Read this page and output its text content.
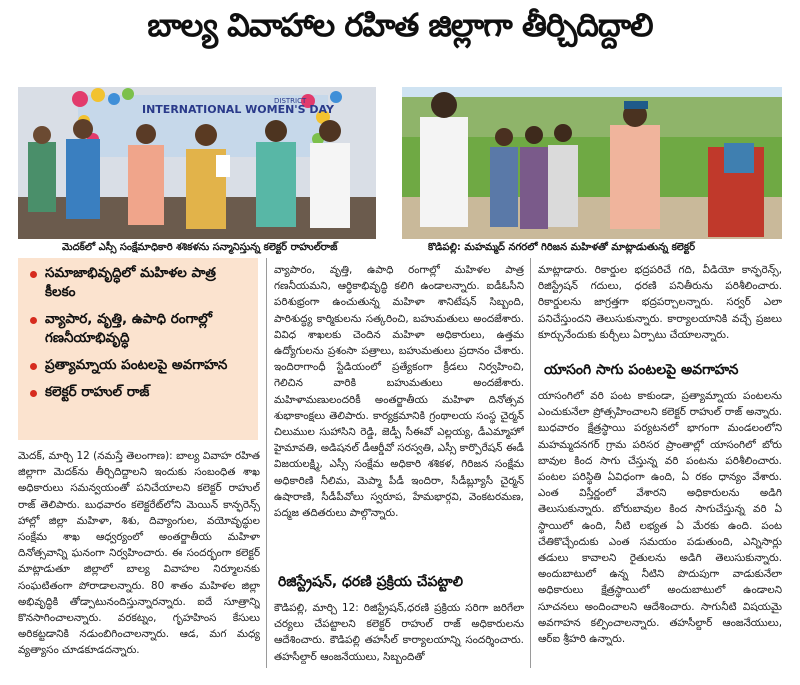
బాల్య వివాహాల రహిత జిల్లాగా తీర్చిదిద్దాలి
INTERNATIONAL WOMEN'S DAY
DISTRICT
మెదక్‌లో ఎస్సీ సంక్షేమాధికారి శశికళను సన్మానిస్తున్న కలెక్టర్ రాహుల్‌రాజ్	కొడిపల్లి: మహమ్మద్ నగరలో గిరిజన మహిళతో మాట్లాడుతున్న కలెక్టర్
సమాజాభివృద్ధిలో మహిళల పాత్ర కీలకం
వ్యాపార, వృత్తి, ఉపాధి రంగాల్లో గణనీయాభివృద్ధి
ప్రత్యామ్నాయ పంటలపై అవగాహన
కలెక్టర్ రాహుల్ రాజ్

మెదక్, మార్చి 12 (నమస్తే తెలంగాణ): బాల్య వివాహ రహిత జిల్లాగా మెదక్‌ను తీర్చిదిద్దాలని ఇందుకు సంబంధిత శాఖ అధికారులు సమన్వయంతో పనిచేయాలని కలెక్టర్ రాహుల్ రాజ్ తెలిపారు. బుధవారం కలెక్టరేట్‌లోని మెయిన్ కాన్ఫరెన్స్ హాల్లో జిల్లా మహిళా, శిశు, దివ్యాంగుల, వయోవృద్ధుల సంక్షేమ శాఖ ఆధ్వర్యంలో అంతర్జాతీయ మహిళా దినోత్సవాన్ని ఘనంగా నిర్వహించారు. ఈ సందర్భంగా కలెక్టర్ మాట్లాడుతూ జిల్లాలో బాల్య వివాహల నిర్మూలనకు సంఘటితంగా పోరాడాలన్నారు. 80 శాతం మహిళల జిల్లా అభివృద్ధికి తోడ్పాటునందిస్తున్నారన్నారు. ఐదే సూత్రాన్ని కొనసాగించాలన్నారు. వరకట్నం, గృహహింస కేసులు అరికట్టడానికి నడుంబిగించాలన్నారు. ఆడ, మగ మధ్య వ్యత్యాసం చూడకూడదన్నారు.

వ్యాపారం, వృత్తి, ఉపాధి రంగాల్లో మహిళల పాత్ర గణనీయమని, ఆర్థికాభివృద్ధి కలిగి ఉండాలన్నారు. ఐడీఓసీని పరిశుభ్రంగా ఉంచుతున్న మహిళా శానిటేషన్ సిబ్బంది, పారిశుద్ధ్య కార్మికులను సత్కరించి, బహుమతులు అందజేశారు. వివిధ శాఖలకు చెందిన మహిళా అధికారులు, ఉత్తమ ఉద్యోగులను ప్రశంసా పత్రాలు, బహుమతులు ప్రదానం చేశారు. ఇందిరాగాంధీ స్టేడియంలో ప్రత్యేకంగా క్రీడలు నిర్వహించి, గెలిచిన వారికి బహుమతులు అందజేశారు. మహిళామణులందరికీ అంతర్జాతీయ మహిళా దినోత్సవ శుభాకాంక్షలు తెలిపారు. కార్యక్రమానికి గ్రంథాలయ సంస్థ చైర్మన్ చిలుముల సుహాసిని రెడ్డి, జెడ్పీ సీఈవో ఎల్లయ్య, డీఎమ్మాహో హైమావతి, అడిషనల్ డీఆర్డీవో సరస్వతి, ఎస్సీ కార్పొరేషన్ ఈడీ విజయలక్ష్మి, ఎస్సీ సంక్షేమ అధికారి శశికళ, గిరిజన సంక్షేమ అధికారిణి నీలిమ, మెప్మా పీడీ ఇందిరా, సీడీబ్ల్యూసీ చైర్మన్ ఉషారాణి, సీడీపీవోలు స్వరూప, హేమభార్గవి, వెంకటరమణ, పద్మజ తదితరులు పాల్గొన్నారు.

రిజిస్ట్రేషన్, ధరణి ప్రక్రియ చేపట్టాలి

కౌడిపల్లి, మార్చి 12: రిజిస్ట్రేషన్,ధరణి ప్రక్రియ సరిగా జరిగేలా చర్యలు చేపట్టాలని కలెక్టర్ రాహుల్ రాజ్ అధికారులను ఆదేశించారు. కౌడిపల్లి తహసీల్ కార్యాలయాన్ని సందర్శించారు. తహసీల్దార్ ఆంజనేయులు, సిబ్బందితో

మాట్లాడారు. రికార్డుల భద్రపరిచే గది, వీడియో కాన్ఫరెన్స్, రిజిస్ట్రేషన్ గదులు, ధరణి పనితీరును పరిశీలించారు. రికార్డులను జాగ్రత్తగా భద్రపర్చాలన్నారు. సర్వర్ ఎలా పనిచేస్తుందని తెలుసుకున్నారు. కార్యాలయానికి వచ్చే ప్రజలు కూర్చునేందుకు కుర్చీలు ఏర్పాటు చేయాలన్నారు.

యాసంగి సాగు పంటలపై అవగాహన

యాసంగిలో వరి పంట కాకుండా, ప్రత్యామ్నాయ పంటలను ఎంచుకునేలా ప్రోత్సహించాలని కలెక్టర్ రాహుల్ రాజ్ అన్నారు. బుధవారం క్షేత్రస్థాయి పర్యటనలో భాగంగా మండలంలోని మహమ్మదనగర్ గ్రామ పరిసర ప్రాంతాల్లో యాసంగిలో బోరు బావుల కింద సాగు చేస్తున్న వరి పంటను పరిశీలించారు. పంటల పరిస్థితి ఏవిధంగా ఉంది, ఏ రకం ధాన్యం వేశారు. ఎంత విస్తీర్ణంలో వేశారని అధికారులను అడిగి తెలుసుకున్నారు. బోరుబావుల కింద సాగుచేస్తున్న వరి ఏ స్థాయిలో ఉంది, నీటి లభ్యత ఏ మేరకు ఉంది. పంట చేతికొచ్చేందుకు ఎంత సమయం పడుతుంది, ఎన్నిసార్లు తడులు కావాలని రైతులను అడిగి తెలుసుకున్నారు. అందుబాటులో ఉన్న నీటిని పొదుపుగా వాడుకునేలా అధికారులు క్షేత్రస్థాయిలో అందుబాటులో ఉండాలని సూచనలు అందించాలని ఆదేశించారు. సాగునీటి విషయమై అవగాహన కల్పించాలన్నారు. తహసీల్దార్ ఆంజనేయులు, ఆర్ఐ శ్రీహరి ఉన్నారు.
